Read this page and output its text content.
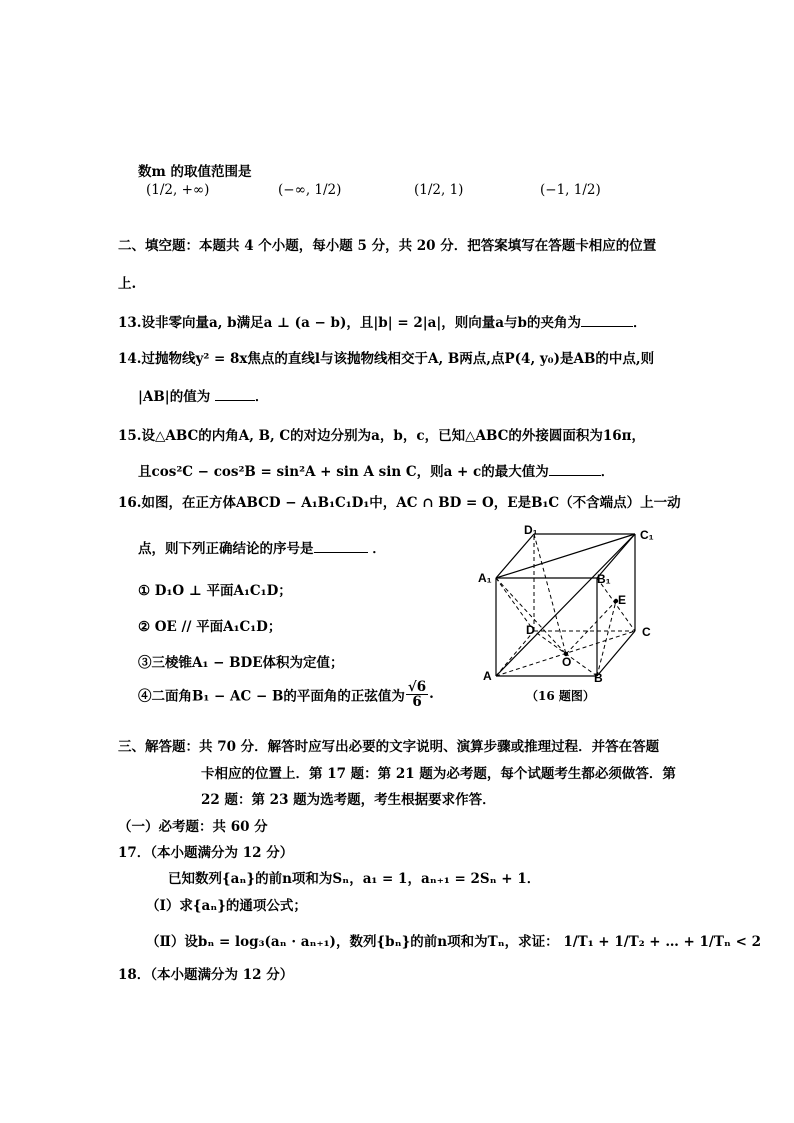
数m 的取值范围是
(1/2, +∞)	(−∞, 1/2)	(1/2, 1)	(−1, 1/2)
二、填空题：本题共 4 个小题，每小题 5 分，共 20 分．把答案填写在答题卡相应的位置
上.
13.设非零向量a, b满足a ⊥ (a − b)，且|b| = 2|a|，则向量a与b的夹角为	．
14.过抛物线y² = 8x焦点的直线l与该抛物线相交于A, B两点,点P(4, y₀)是AB的中点,则
|AB|的值为	．
15.设△ABC的内角A, B, C的对边分别为a，b，c，已知△ABC的外接圆面积为16π，
且cos²C − cos²B = sin²A + sin A sin C，则a + c的最大值为	．
16.如图，在正方体ABCD − A₁B₁C₁D₁中，AC ∩ BD = O，E是B₁C（不含端点）上一动
点，则下列正确结论的序号是	．
① D₁O ⊥ 平面A₁C₁D；
② OE // 平面A₁C₁D；
③三棱锥A₁ − BDE体积为定值；
④二面角B₁ − AC − B的平面角的正弦值为 $\frac{√6}{6}$ .
D₁	C₁
A₁	B₁
E
D	C
O
A	B
（16 题图）
三、解答题：共 70 分．解答时应写出必要的文字说明、演算步骤或推理过程．并答在答题
卡相应的位置上．第 17 题：第 21 题为必考题，每个试题考生都必须做答．第
22 题：第 23 题为选考题，考生根据要求作答．
（一）必考题：共 60 分
17．（本小题满分为 12 分）
已知数列{aₙ}的前n项和为Sₙ，a₁ = 1，aₙ₊₁ = 2Sₙ + 1．
（Ⅰ）求{aₙ}的通项公式；
（Ⅱ）设bₙ = log₃(aₙ · aₙ₊₁)，数列{bₙ}的前n项和为Tₙ，求证： 1/T₁ + 1/T₂ + … + 1/Tₙ < 2
18．（本小题满分为 12 分）
